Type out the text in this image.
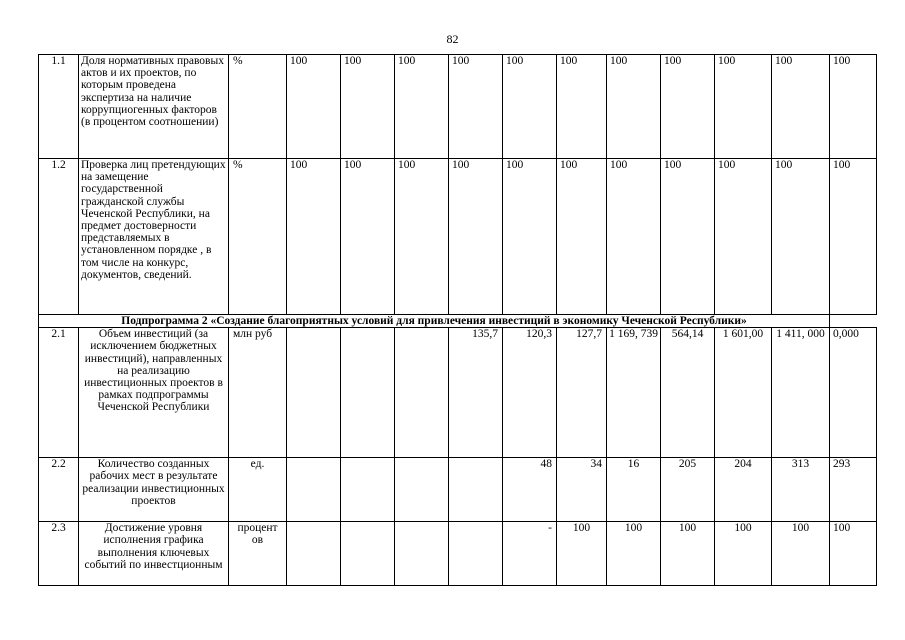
82
1.1	Доля нормативных правовых актов и их проектов, по которым проведена экспертиза на наличие коррупциогенных факторов (в процентом соотношении)	%	100	100	100	100	100	100	100	100	100	100	100
1.2	Проверка лиц претендующих на замещение государственной гражданской службы Чеченской Республики, на предмет достоверности представляемых в установленном порядке , в том числе на конкурс, документов, сведений.	%	100	100	100	100	100	100	100	100	100	100	100
Подпрограмма 2 «Создание благоприятных условий для привлечения инвестиций в экономику Чеченской Республики»													
2.1	Объем инвестиций (за исключением бюджетных инвестиций), направленных на реализацию инвестиционных проектов в рамках подпрограммы Чеченской Республики	млн руб				135,7	120,3	127,7	1 169, 739	564,14	1 601,00	1 411, 000	0,000
2.2	Количество созданных рабочих мест в результате реализации инвестиционных проектов	ед.					48	34	16	205	204	313	293
2.3	Достижение уровня исполнения графика выполнения ключевых событий по инвестционным	процент ов					-	100	100	100	100	100	100
